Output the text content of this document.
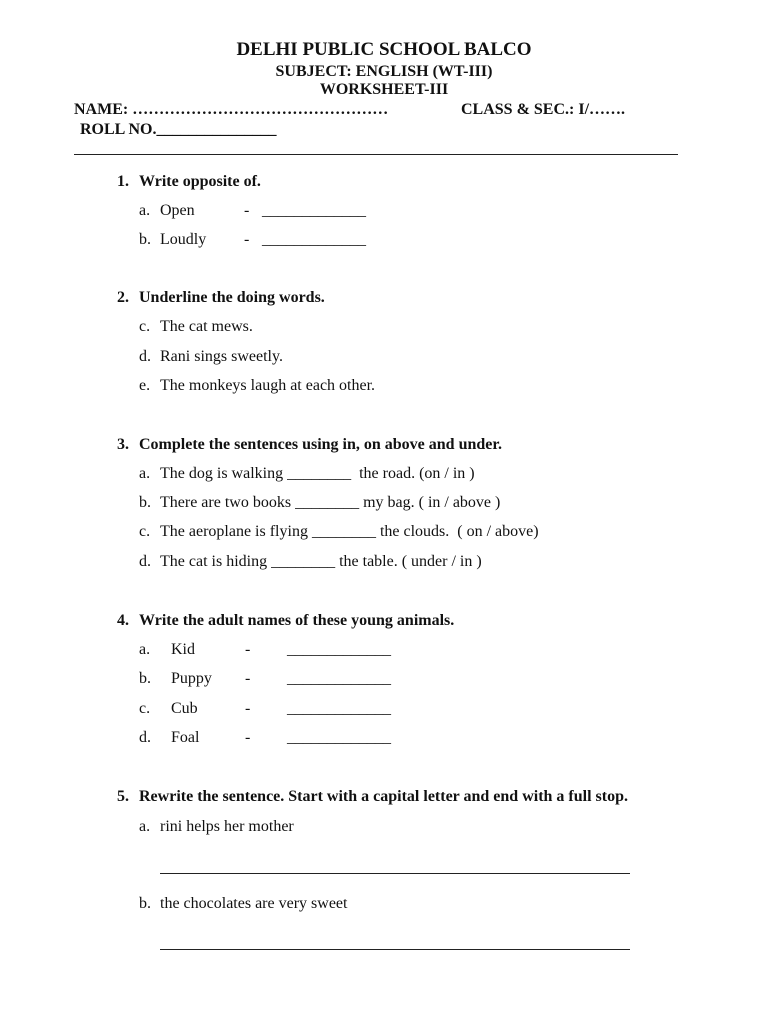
DELHI PUBLIC SCHOOL BALCO
SUBJECT: ENGLISH (WT-III)
WORKSHEET-III
NAME: …………………………………………	CLASS & SEC.: I/…….
ROLL NO._______________
1. Write opposite of.
a. Open	- _____________
b. Loudly - _____________
2. Underline the doing words.
c. The cat mews.
d. Rani sings sweetly.
e. The monkeys laugh at each other.
3. Complete the sentences using in, on above and under.
a. The dog is walking ________  the road. (on / in )
b. There are two books ________ my bag. ( in / above )
c. The aeroplane is flying ________ the clouds.  ( on / above)
d. The cat is hiding ________ the table. ( under / in )
4. Write the adult names of these young animals.
a. Kid	- _____________
b. Puppy - _____________
c. Cub	- _____________
d. Foal	- _____________
5. Rewrite the sentence. Start with a capital letter and end with a full stop.
a. rini helps her mother
b. the chocolates are very sweet
